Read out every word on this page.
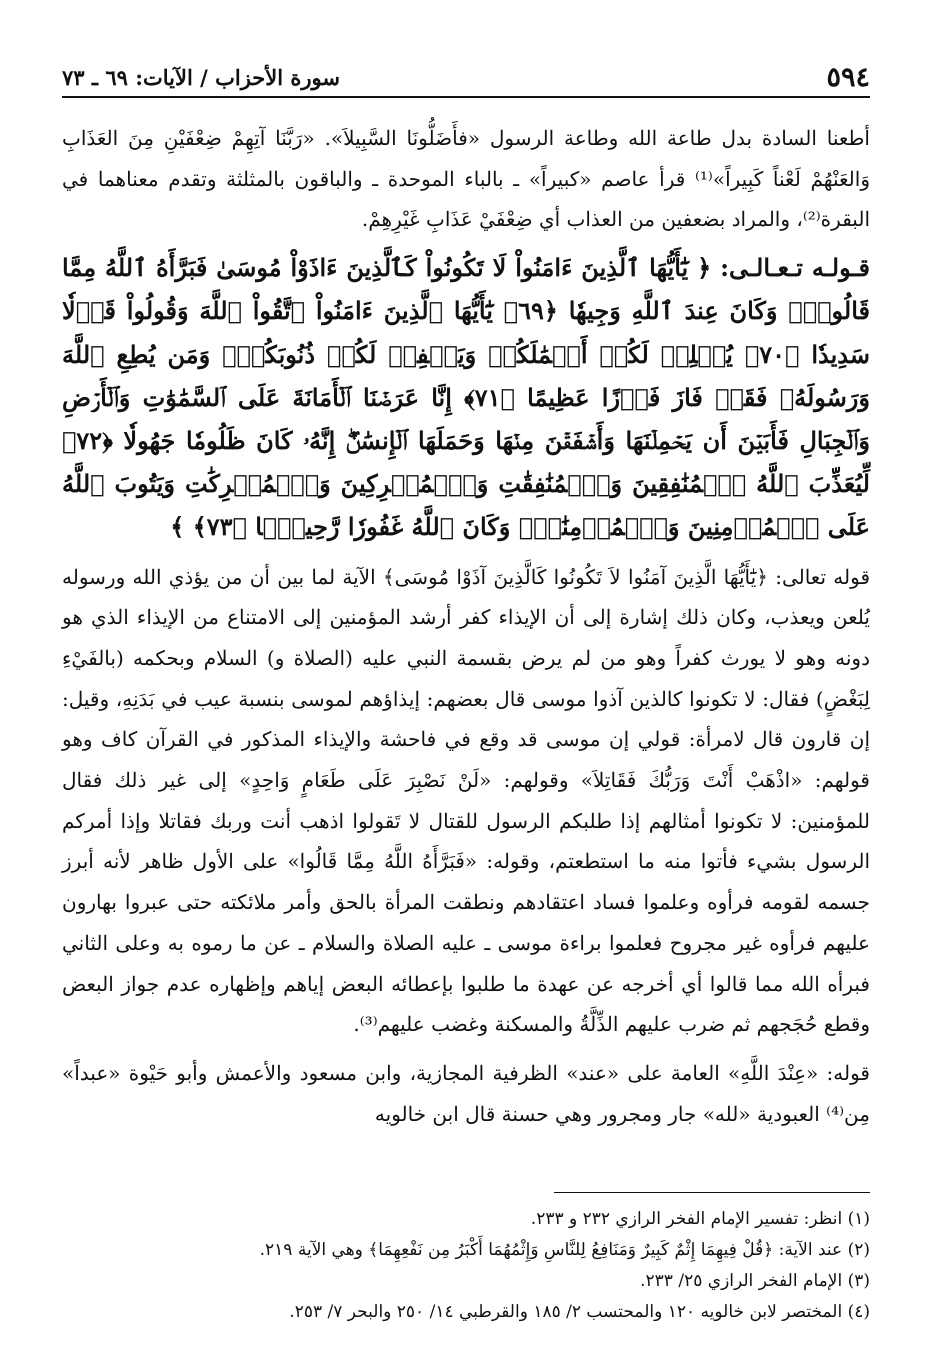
٥٩٤
سورة الأحزاب / الآيات: ٦٩ ـ ٧٣

أطعنا السادة بدل طاعة الله وطاعة الرسول «فأَضَلُّونَا السَّبِيلاَ». «رَبَّنَا آتِهِمْ ضِعْفَيْنِ مِنَ العَذَابِ وَالعَنْهُمْ لَعْناً كَبِيراً»⁽¹⁾ قرأ عاصم «كبيراً» ـ بالباء الموحدة ـ والباقون بالمثلثة وتقدم معناهما في البقرة⁽²⁾، والمراد بضعفين من العذاب أي ضِعْفَيْ عَذَابِ غَيْرِهِمْ.

قـولـه تـعـالـى: ﴿ يَٰٓأَيُّهَا ٱلَّذِينَ ءَامَنُواْ لَا تَكُونُواْ كَٱلَّذِينَ ءَاذَوْاْ مُوسَىٰ فَبَرَّأَهُ ٱللَّهُ مِمَّا قَالُواْۚ وَكَانَ عِندَ ٱللَّهِ وَجِيهٗا ﴿٦٩﴾ يَٰٓأَيُّهَا ٱلَّذِينَ ءَامَنُواْ ٱتَّقُواْ ٱللَّهَ وَقُولُواْ قَوۡلٗا سَدِيدٗا ﴿٧٠﴾ يُصۡلِحۡ لَكُمۡ أَعۡمَٰلَكُمۡ وَيَغۡفِرۡ لَكُمۡ ذُنُوبَكُمۡۗ وَمَن يُطِعِ ٱللَّهَ وَرَسُولَهُۥ فَقَدۡ فَازَ فَوۡزًا عَظِيمًا ﴿٧١﴾ إِنَّا عَرَضۡنَا ٱلۡأَمَانَةَ عَلَى ٱلسَّمَٰوَٰتِ وَٱلۡأَرۡضِ وَٱلۡجِبَالِ فَأَبَيۡنَ أَن يَحۡمِلۡنَهَا وَأَشۡفَقۡنَ مِنۡهَا وَحَمَلَهَا ٱلۡإِنسَٰنُۖ إِنَّهُۥ كَانَ ظَلُومٗا جَهُولٗا ﴿٧٢﴾ لِّيُعَذِّبَ ٱللَّهُ ٱلۡمُنَٰفِقِينَ وَٱلۡمُنَٰفِقَٰتِ وَٱلۡمُشۡرِكِينَ وَٱلۡمُشۡرِكَٰتِ وَيَتُوبَ ٱللَّهُ عَلَى ٱلۡمُؤۡمِنِينَ وَٱلۡمُؤۡمِنَٰتِۗ وَكَانَ ٱللَّهُ غَفُورٗا رَّحِيمَۢا ﴿٧٣﴾ ﴾

قوله تعالى: ﴿يَٰٓأَيُّهَا الَّذِينَ آمَنُوا لاَ تَكُونُوا كَالَّذِينَ آذَوْا مُوسَى﴾ الآية لما بين أن من يؤذي الله ورسوله يُلعن ويعذب، وكان ذلك إشارة إلى أن الإيذاء كفر أرشد المؤمنين إلى الامتناع من الإيذاء الذي هو دونه وهو لا يورث كفراً وهو من لم يرض بقسمة النبي عليه (الصلاة و) السلام وبحكمه (بالفَيْءِ لِبَغْضٍ) فقال: لا تكونوا كالذين آذوا موسى قال بعضهم: إيذاؤهم لموسى بنسبة عيب في بَدَنِهِ، وقيل: إن قارون قال لامرأة: قولي إن موسى قد وقع في فاحشة والإيذاء المذكور في القرآن كاف وهو قولهم: «اذْهَبْ أَنْتَ وَرَبُّكَ فَقَاتِلاَ» وقولهم: «لَنْ نَصْبِرَ عَلَى طَعَامٍ وَاحِدٍ» إلى غير ذلك فقال للمؤمنين: لا تكونوا أمثالهم إذا طلبكم الرسول للقتال لا تَقولوا اذهب أنت وربك فقاتلا وإذا أمركم الرسول بشيء فأتوا منه ما استطعتم، وقوله: «فَبَرَّأَهُ اللَّهُ مِمَّا قَالُوا» على الأول ظاهر لأنه أبرز جسمه لقومه فرأوه وعلموا فساد اعتقادهم ونطقت المرأة بالحق وأمر ملائكته حتى عبروا بهارون عليهم فرأوه غير مجروح فعلموا براءة موسى ـ عليه الصلاة والسلام ـ عن ما رموه به وعلى الثاني فبرأه الله مما قالوا أي أخرجه عن عهدة ما طلبوا بإعطائه البعض إياهم وإظهاره عدم جواز البعض وقطع حُجَجهم ثم ضرب عليهم الذِّلَّةُ والمسكنة وغضب عليهم⁽³⁾.

قوله: «عِنْدَ اللَّهِ» العامة على «عند» الظرفية المجازية، وابن مسعود والأعمش وأبو حَيْوة «عبداً» مِن⁽⁴⁾ العبودية «لله» جار ومجرور وهي حسنة قال ابن خالويه

(١) انظر: تفسير الإمام الفخر الرازي ٢٣٢ و ٢٣٣.

(٢) عند الآية: ﴿قُلْ فِيهِمَا إِثْمٌ كَبِيرٌ وَمَنَافِعُ لِلنَّاسِ وَإِثْمُهُمَا أَكْبَرُ مِن نَفْعِهِمَا﴾ وهي الآية ٢١٩.

(٣) الإمام الفخر الرازي ٢٥/ ٢٣٣.

(٤) المختصر لابن خالويه ١٢٠ والمحتسب ٢/ ١٨٥ والقرطبي ١٤/ ٢٥٠ والبحر ٧/ ٢٥٣.
